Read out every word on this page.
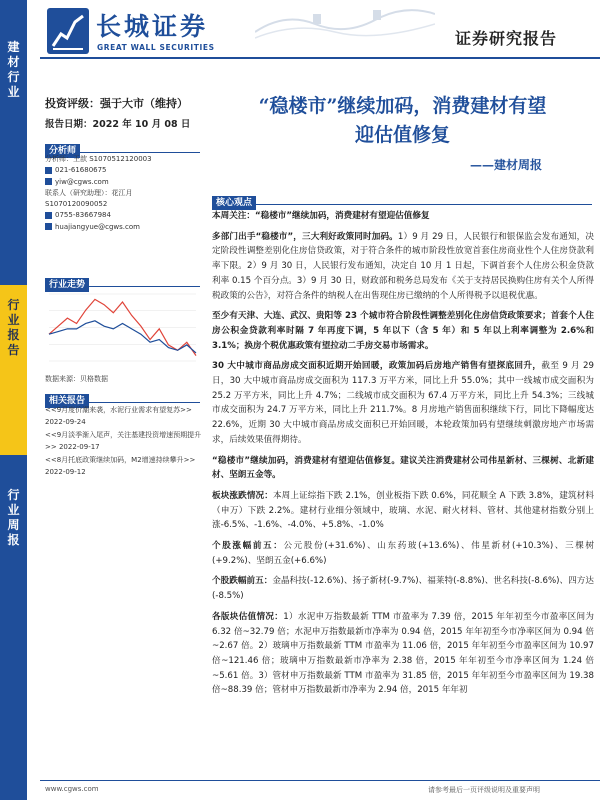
长城证券
GREAT WALL SECURITIES	证券研究报告
建
材
行
业
行
业
报
告
行
业
周
报
投资评级：强于大市（维持）
报告日期：2022 年 10 月 08 日
分析师
分析师：王歆 S1070512120003
021-61680675
yiw@cgws.com
联系人（研究助理）：花江月
S1070120090052
0755-83667984
huajiangyue@cgws.com
行业走势
数据来源：贝格数据
相关报告
<<9月度价潮来袭，水泥行业需求有望复苏>> 2022-09-24
<<9月淡季渐入尾声，关注基建投资增速预期提升>> 2022-09-17
<<8月托底政策继续加码，M2增速持续攀升>> 2022-09-12
“稳楼市”继续加码，消费建材有望
迎估值修复
——建材周报
核心观点

本周关注：“稳楼市”继续加码，消费建材有望迎估值修复

多部门出手“稳楼市”，三大利好政策同时加码。1）9 月 29 日，人民银行和银保监会发布通知，决定阶段性调整差别化住房信贷政策，对于符合条件的城市阶段性放宽首套住房商业性个人住房贷款利率下限。2）9 月 30 日，人民银行发布通知，决定自 10 月 1 日起，下调首套个人住房公积金贷款利率 0.15 个百分点。3）9 月 30 日，财政部和税务总局发布《关于支持居民换购住房有关个人所得税政策的公告》，对符合条件的纳税人在出售现住房已缴纳的个人所得税予以退税优惠。

至少有天津、大连、武汉、贵阳等 23 个城市符合阶段性调整差别化住房信贷政策要求；首套个人住房公积金贷款利率时隔 7 年再度下调，5 年以下（含 5 年）和 5 年以上利率调整为 2.6%和 3.1%；换房个税优惠政策有望拉动二手房交易市场需求。

30 大中城市商品房成交面积近期开始回暖，政策加码后房地产销售有望探底回升，截至 9 月 29 日，30 大中城市商品房成交面积为 117.3 万平方米，同比上升 55.0%；其中一线城市成交面积为 25.2 万平方米，同比上升 4.7%；二线城市成交面积为 67.4 万平方米，同比上升 54.3%；三线城市成交面积为 24.7 万平方米，同比上升 211.7%。8 月房地产销售面积继续下行，同比下降幅度达 22.6%，近期 30 大中城市商品房成交面积已开始回暖，本轮政策加码有望继续刺激房地产市场需求，后续效果值得期待。

“稳楼市”继续加码，消费建材有望迎估值修复。建议关注消费建材公司伟星新材、三棵树、北新建材、坚朗五金等。

板块涨跌情况：本周上证综指下跌 2.1%，创业板指下跌 0.6%，同花顺全 A 下跌 3.8%，建筑材料（申万）下跌 2.2%。建材行业细分领域中，玻璃、水泥、耐火材料、管材、其他建材指数分别上涨-6.5%、-1.6%、-4.0%、+5.8%、-1.0%

个股涨幅前五：公元股份(+31.6%)、山东药玻(+13.6%)、伟星新材(+10.3%)、三棵树(+9.2%)、坚朗五金(+6.6%)

个股跌幅前五：金晶科技(-12.6%)、扬子新材(-9.7%)、福莱特(-8.8%)、世名科技(-8.6%)、四方达(-8.5%)

各版块估值情况：1）水泥申万指数最新 TTM 市盈率为 7.39 倍，2015 年年初至今市盈率区间为 6.32 倍~32.79 倍；水泥申万指数最新市净率为 0.94 倍，2015 年年初至今市净率区间为 0.94 倍~2.67 倍。2）玻璃申万指数最新 TTM 市盈率为 11.06 倍，2015 年年初至今市盈率区间为 10.97 倍~121.46 倍；玻璃申万指数最新市净率为 2.38 倍，2015 年年初至今市净率区间为 1.24 倍~5.61 倍。3）管材申万指数最新 TTM 市盈率为 31.85 倍，2015 年年初至今市盈率区间为 19.38 倍~88.39 倍；管材申万指数最新市净率为 2.94 倍，2015 年年初

www.cgws.com	请参考最后一页评级说明及重要声明
